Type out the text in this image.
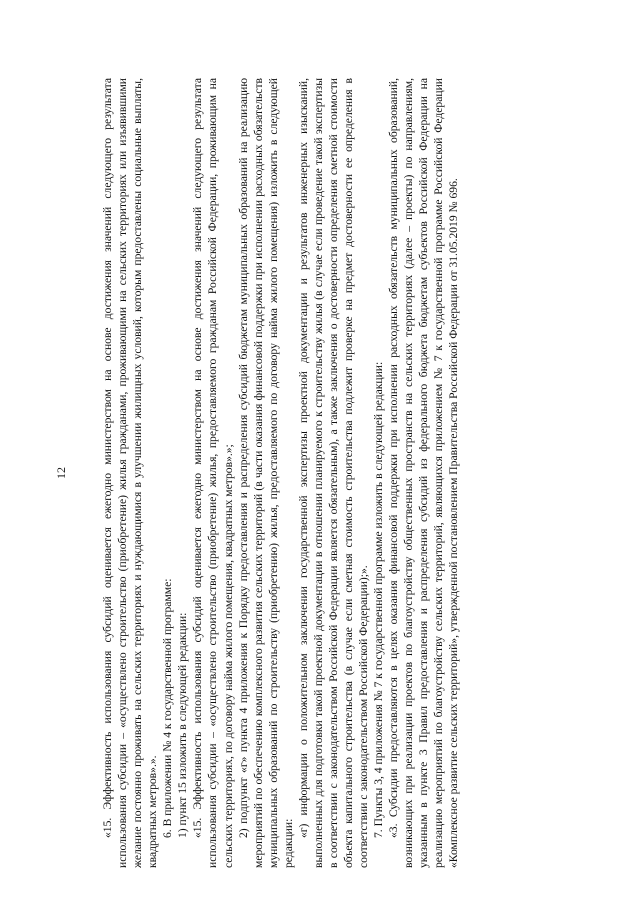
12	«15. Эффективность использования субсидий оценивается ежегодно министерством на основе достижения значений следующего результата использования субсидии – «осуществлено строительство (приобретение) жилья гражданами, проживающими на сельских территориях или изъявившими желание постоянно проживать на сельских территориях и нуждающимися в улучшении жилищных условий, которым предоставлены социальные выплаты, квадратных метров».». 6. В приложении № 4 к государственной программе: 1) пункт 15 изложить в следующей редакции: «15. Эффективность использования субсидий оценивается ежегодно министерством на основе достижения значений следующего результата использования субсидии – «осуществлено строительство (приобретение) жилья, предоставляемого гражданам Российской Федерации, проживающим на сельских территориях, по договору найма жилого помещения, квадратных метров».»; 2) подпункт «г» пункта 4 приложения к Порядку предоставления и распределения субсидий бюджетам муниципальных образований на реализацию мероприятий по обеспечению комплексного развития сельских территорий (в части оказания финансовой поддержки при исполнении расходных обязательств муниципальных образований по строительству (приобретению) жилья, предоставляемого по договору найма жилого помещения) изложить в следующей редакции:

«г) информации о положительном заключении государственной экспертизы проектной документации и результатов инженерных изысканий, выполненных для подготовки такой проектной документации в отношении планируемого к строительству жилья (в случае если проведение такой экспертизы в соответствии с законодательством Российской Федерации является обязательным), а также заключения о достоверности определения сметной стоимости объекта капитального строительства (в случае если сметная стоимость строительства подлежит проверке на предмет достоверности ее определения в соответствии с законодательством Российской Федерации);». 7. Пункты 3, 4 приложения № 7 к государственной программе изложить в следующей редакции: «3. Субсидии предоставляются в целях оказания финансовой поддержки при исполнении расходных обязательств муниципальных образований, возникающих при реализации проектов по благоустройству общественных пространств на сельских территориях (далее – проекты) по направлениям, указанным в пункте 3 Правил предоставления и распределения субсидий из федерального бюджета бюджетам субъектов Российской Федерации на реализацию мероприятий по благоустройству сельских территорий, являющихся приложением № 7 к государственной программе Российской Федерации «Комплексное развитие сельских территорий», утвержденной постановлением Правительства Российской Федерации от 31.05.2019 № 696.
